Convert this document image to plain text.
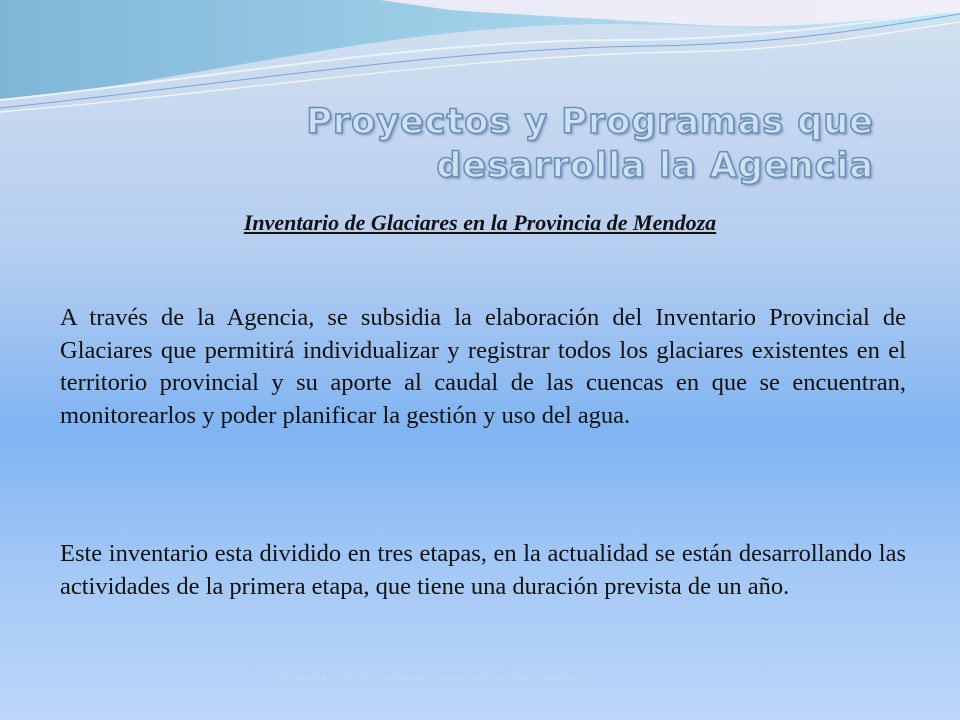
Proyectos y Programas que desarrolla la Agencia

Inventario de Glaciares en la Provincia de Mendoza

A través de la Agencia, se subsidia la elaboración del Inventario Provincial de Glaciares que permitirá individualizar y registrar todos los glaciares existentes en el territorio provincial y su aporte al caudal de las cuencas en que se encuentran, monitorearlos y poder planificar la gestión y uso del agua.

Este inventario esta dividido en tres etapas, en la actualidad se están desarrollando las actividades de la primera etapa, que tiene una duración prevista de un año.

Secretaría de Medio Ambiente - Agencia de Cambio Climático
